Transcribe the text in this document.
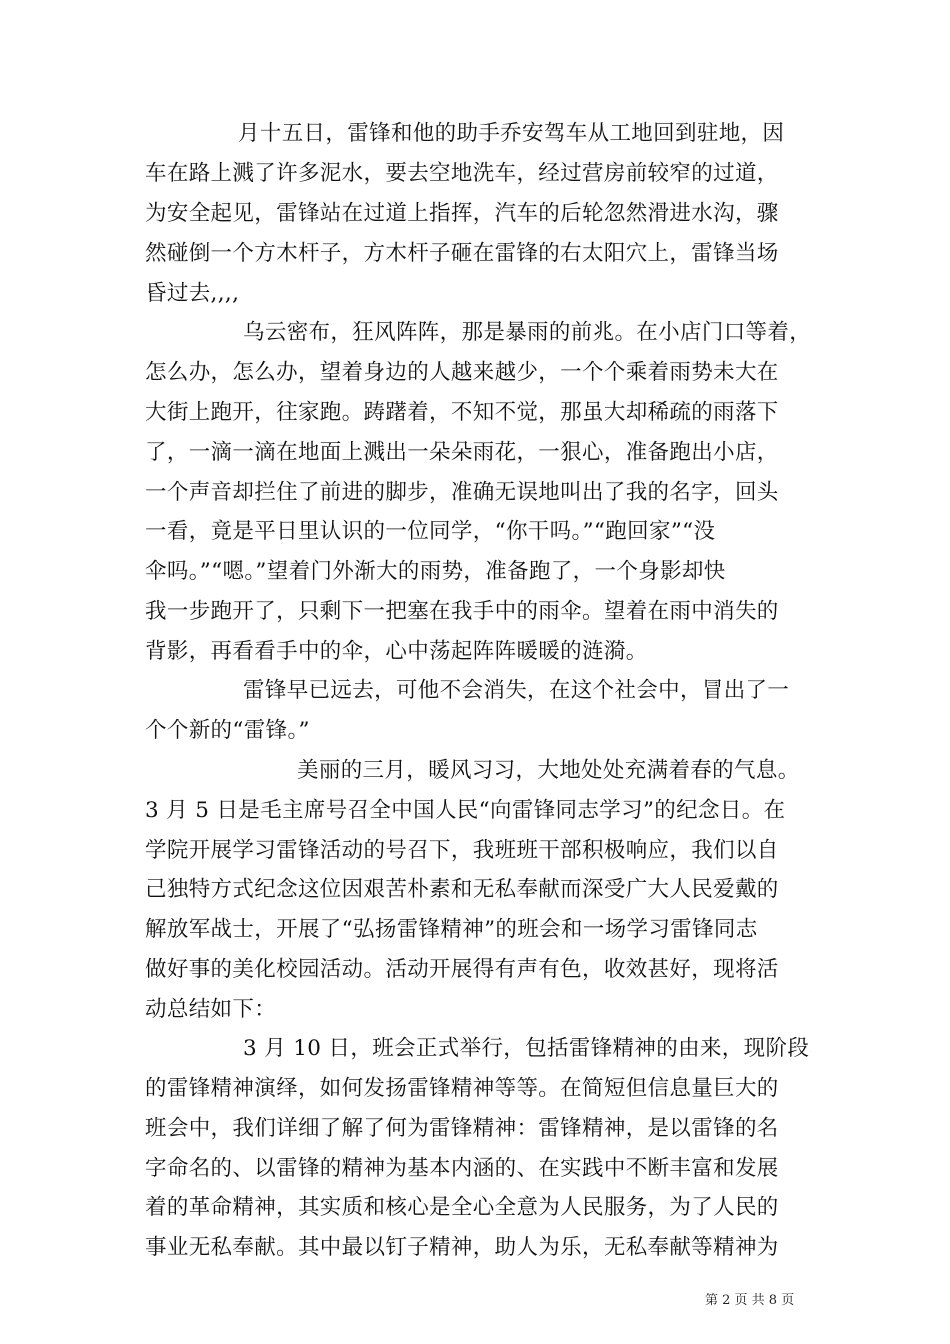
月十五日，雷锋和他的助手乔安驾车从工地回到驻地，因
车在路上溅了许多泥水，要去空地洗车，经过营房前较窄的过道，
为安全起见，雷锋站在过道上指挥，汽车的后轮忽然滑进水沟，骤
然碰倒一个方木杆子，方木杆子砸在雷锋的右太阳穴上，雷锋当场
昏过去,,,,
乌云密布，狂风阵阵，那是暴雨的前兆。在小店门口等着，
怎么办，怎么办，望着身边的人越来越少，一个个乘着雨势未大在
大街上跑开，往家跑。踌躇着，不知不觉，那虽大却稀疏的雨落下
了，一滴一滴在地面上溅出一朵朵雨花，一狠心，准备跑出小店，
一个声音却拦住了前进的脚步，准确无误地叫出了我的名字，回头
一看，竟是平日里认识的一位同学，“你干吗。”“跑回家”“没
伞吗。”“嗯。”望着门外渐大的雨势，准备跑了，一个身影却快
我一步跑开了，只剩下一把塞在我手中的雨伞。望着在雨中消失的
背影，再看看手中的伞，心中荡起阵阵暖暖的涟漪。
雷锋早已远去，可他不会消失，在这个社会中，冒出了一
个个新的“雷锋。”
美丽的三月，暖风习习，大地处处充满着春的气息。
3 月 5 日是毛主席号召全中国人民“向雷锋同志学习”的纪念日。在
学院开展学习雷锋活动的号召下，我班班干部积极响应，我们以自
己独特方式纪念这位因艰苦朴素和无私奉献而深受广大人民爱戴的
解放军战士，开展了“弘扬雷锋精神”的班会和一场学习雷锋同志
做好事的美化校园活动。活动开展得有声有色，收效甚好，现将活
动总结如下：
3 月 10 日，班会正式举行，包括雷锋精神的由来，现阶段
的雷锋精神演绎，如何发扬雷锋精神等等。在简短但信息量巨大的
班会中，我们详细了解了何为雷锋精神：雷锋精神，是以雷锋的名
字命名的、以雷锋的精神为基本内涵的、在实践中不断丰富和发展
着的革命精神，其实质和核心是全心全意为人民服务，为了人民的
事业无私奉献。其中最以钉子精神，助人为乐，无私奉献等精神为
第 2 页 共 8 页
